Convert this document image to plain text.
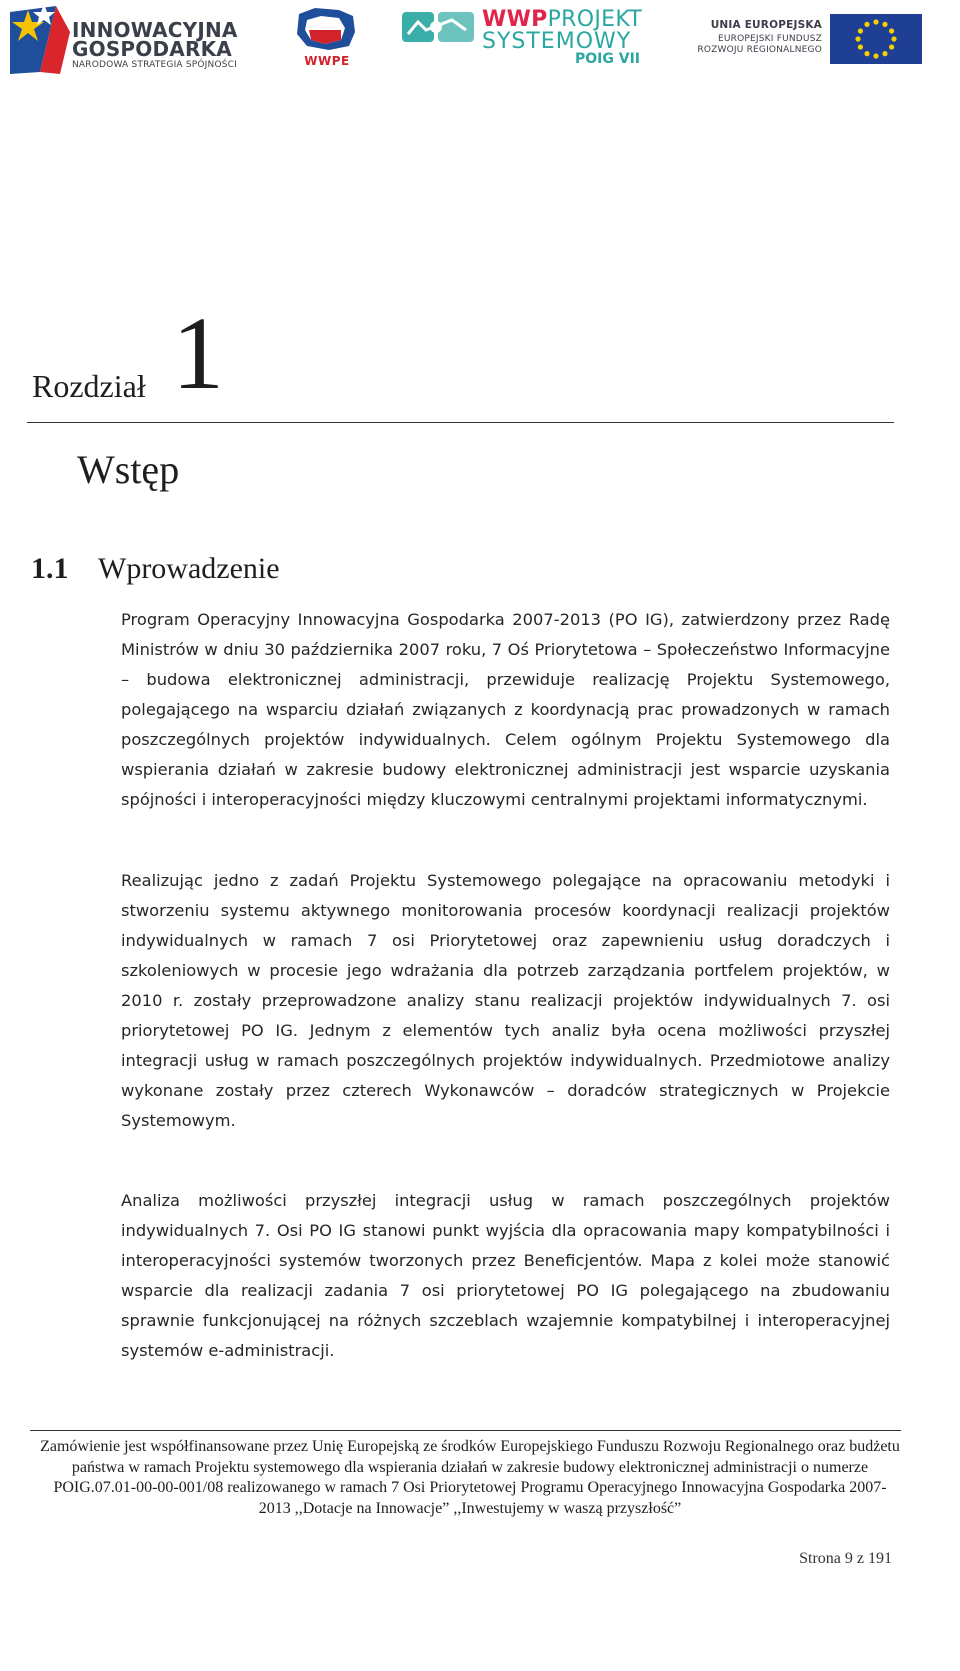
INNOWACYJNA
GOSPODARKA
NARODOWA STRATEGIA SPÓJNOŚCI	WWPE
WWPPROJEKT
SYSTEMOWY
POIG VII
UNIA EUROPEJSKA
EUROPEJSKI FUNDUSZ
ROZWOJU REGIONALNEGO
Rozdział 1
Wstęp
1.1 Wprowadzenie

Program Operacyjny Innowacyjna Gospodarka 2007-2013 (PO IG), zatwierdzony przez Radę Ministrów w dniu 30 października 2007 roku, 7 Oś Priorytetowa – Społeczeństwo Informacyjne – budowa elektronicznej administracji, przewiduje realizację Projektu Systemowego, polegającego na wsparciu działań związanych z koordynacją prac prowadzonych w ramach poszczególnych projektów indywidualnych. Celem ogólnym Projektu Systemowego dla wspierania działań w zakresie budowy elektronicznej administracji jest wsparcie uzyskania spójności i interoperacyjności między kluczowymi centralnymi projektami informatycznymi.

Realizując jedno z zadań Projektu Systemowego polegające na opracowaniu metodyki i stworzeniu systemu aktywnego monitorowania procesów koordynacji realizacji projektów indywidualnych w ramach 7 osi Priorytetowej oraz zapewnieniu usług doradczych i szkoleniowych w procesie jego wdrażania dla potrzeb zarządzania portfelem projektów, w 2010 r. zostały przeprowadzone analizy stanu realizacji projektów indywidualnych 7. osi priorytetowej PO IG. Jednym z elementów tych analiz była ocena możliwości przyszłej integracji usług w ramach poszczególnych projektów indywidualnych. Przedmiotowe analizy wykonane zostały przez czterech Wykonawców – doradców strategicznych w Projekcie Systemowym.

Analiza możliwości przyszłej integracji usług w ramach poszczególnych projektów indywidualnych 7. Osi PO IG stanowi punkt wyjścia dla opracowania mapy kompatybilności i interoperacyjności systemów tworzonych przez Beneficjentów. Mapa z kolei może stanowić wsparcie dla realizacji zadania 7 osi priorytetowej PO IG polegającego na zbudowaniu sprawnie funkcjonującej na różnych szczeblach wzajemnie kompatybilnej i interoperacyjnej systemów e-administracji.

Zamówienie jest współfinansowane przez Unię Europejską ze środków Europejskiego Funduszu Rozwoju Regionalnego oraz budżetu państwa w ramach Projektu systemowego dla wspierania działań w zakresie budowy elektronicznej administracji o numerze POIG.07.01-00-00-001/08 realizowanego w ramach 7 Osi Priorytetowej Programu Operacyjnego Innowacyjna Gospodarka 2007-2013 ,,Dotacje na Innowacje” ,,Inwestujemy w waszą przyszłość”

Strona 9 z 191
